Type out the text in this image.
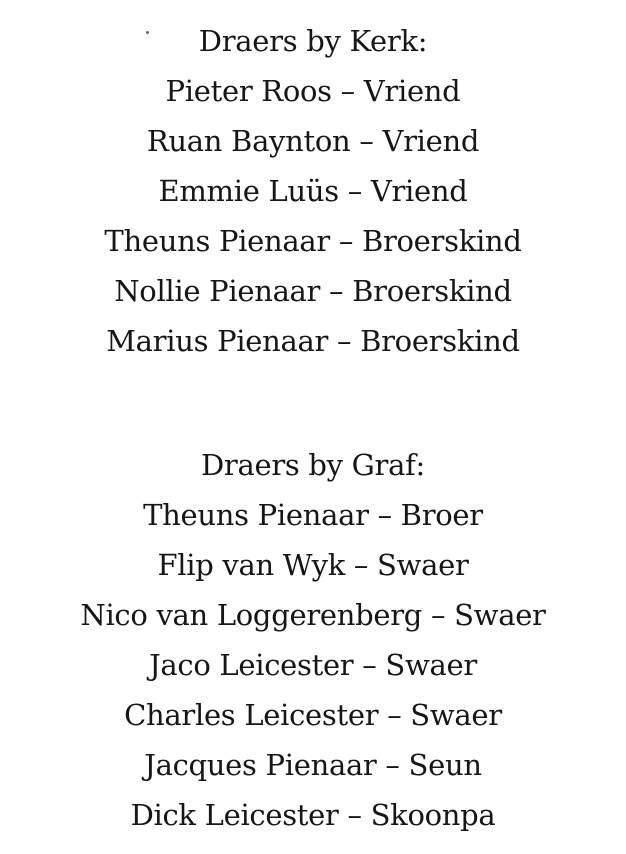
Draers by Kerk:
Pieter Roos – Vriend
Ruan Baynton – Vriend
Emmie Luüs – Vriend
Theuns Pienaar – Broerskind
Nollie Pienaar – Broerskind
Marius Pienaar – Broerskind
Draers by Graf:
Theuns Pienaar – Broer
Flip van Wyk – Swaer
Nico van Loggerenberg – Swaer
Jaco Leicester – Swaer
Charles Leicester – Swaer
Jacques Pienaar – Seun
Dick Leicester – Skoonpa
